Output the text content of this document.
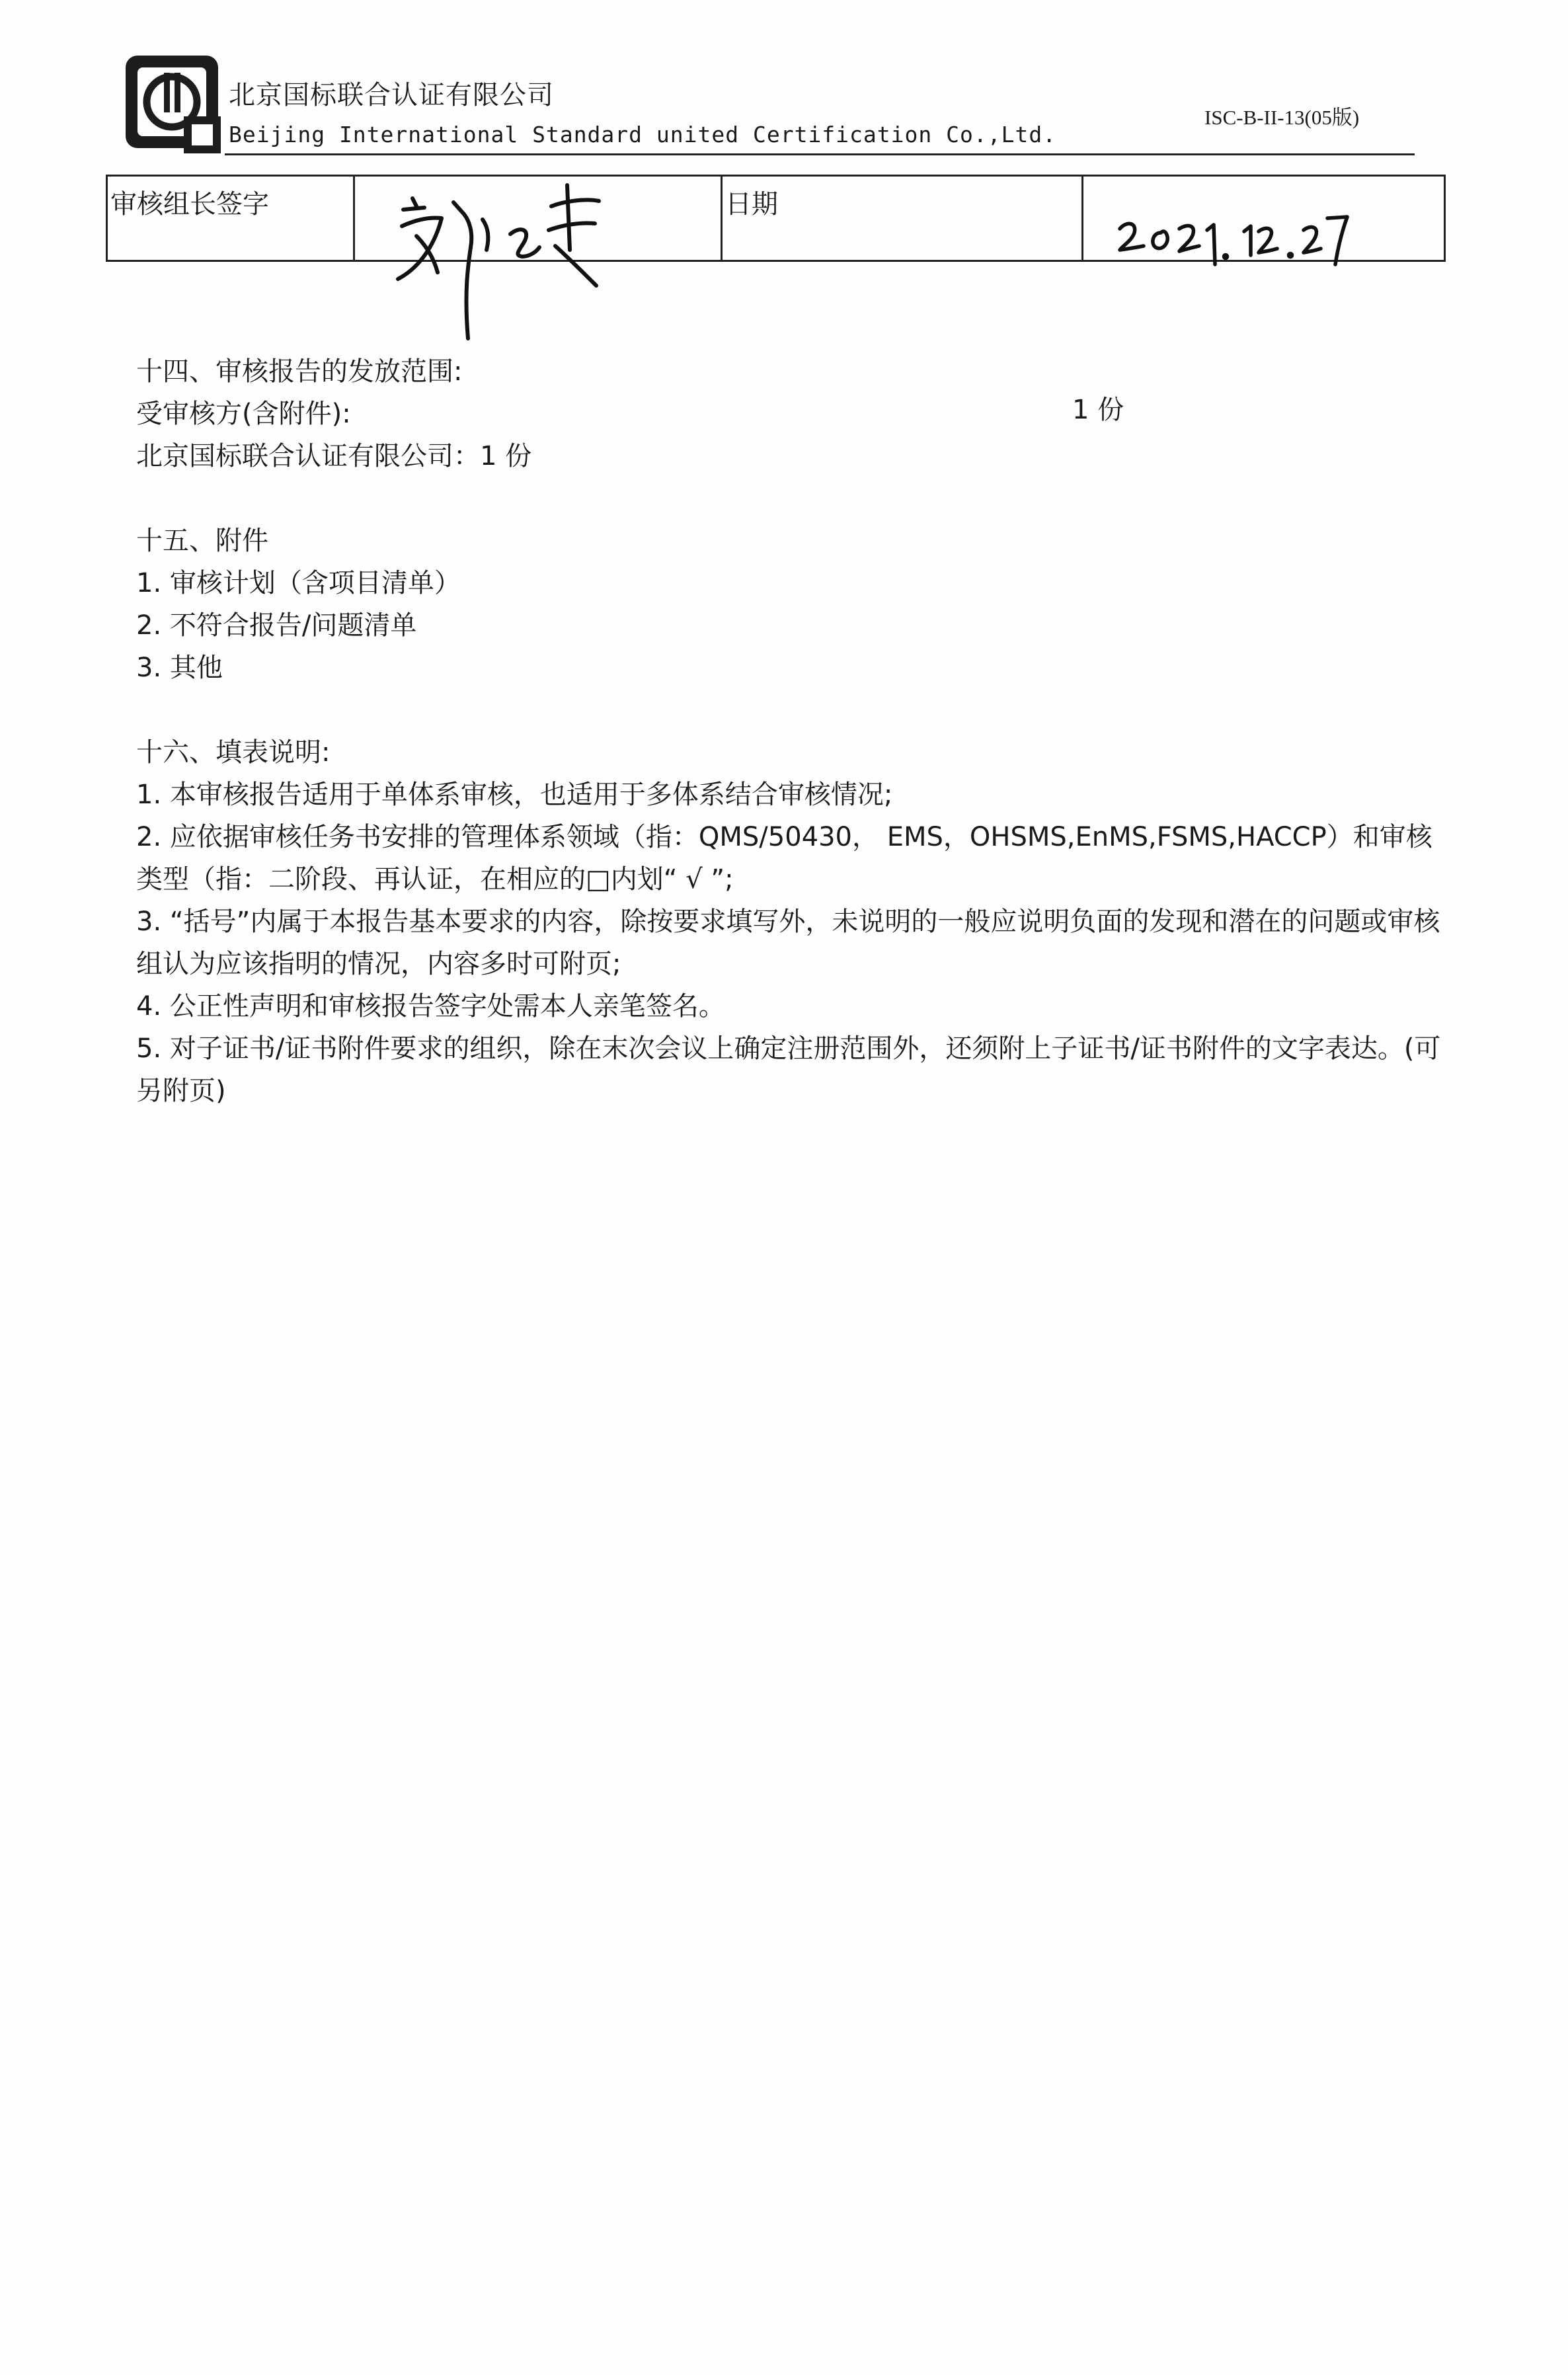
北京国标联合认证有限公司
Beijing International Standard united Certification Co.,Ltd.
ISC-B-II-13(05版)
审核组长签字		日期	
十四、审核报告的发放范围:
受审核方(含附件):	1 份
北京国标联合认证有限公司：1 份
十五、附件
1. 审核计划（含项目清单）
2. 不符合报告/问题清单
3. 其他
十六、填表说明:
1. 本审核报告适用于单体系审核，也适用于多体系结合审核情况;
2. 应依据审核任务书安排的管理体系领域（指：QMS/50430， EMS，OHSMS,EnMS,FSMS,HACCP）和审核类型（指：二阶段、再认证，在相应的□内划“ √ ”;
3. “括号”内属于本报告基本要求的内容，除按要求填写外，未说明的一般应说明负面的发现和潜在的问题或审核组认为应该指明的情况，内容多时可附页;
4. 公正性声明和审核报告签字处需本人亲笔签名。
5. 对子证书/证书附件要求的组织，除在末次会议上确定注册范围外，还须附上子证书/证书附件的文字表达。(可另附页)
